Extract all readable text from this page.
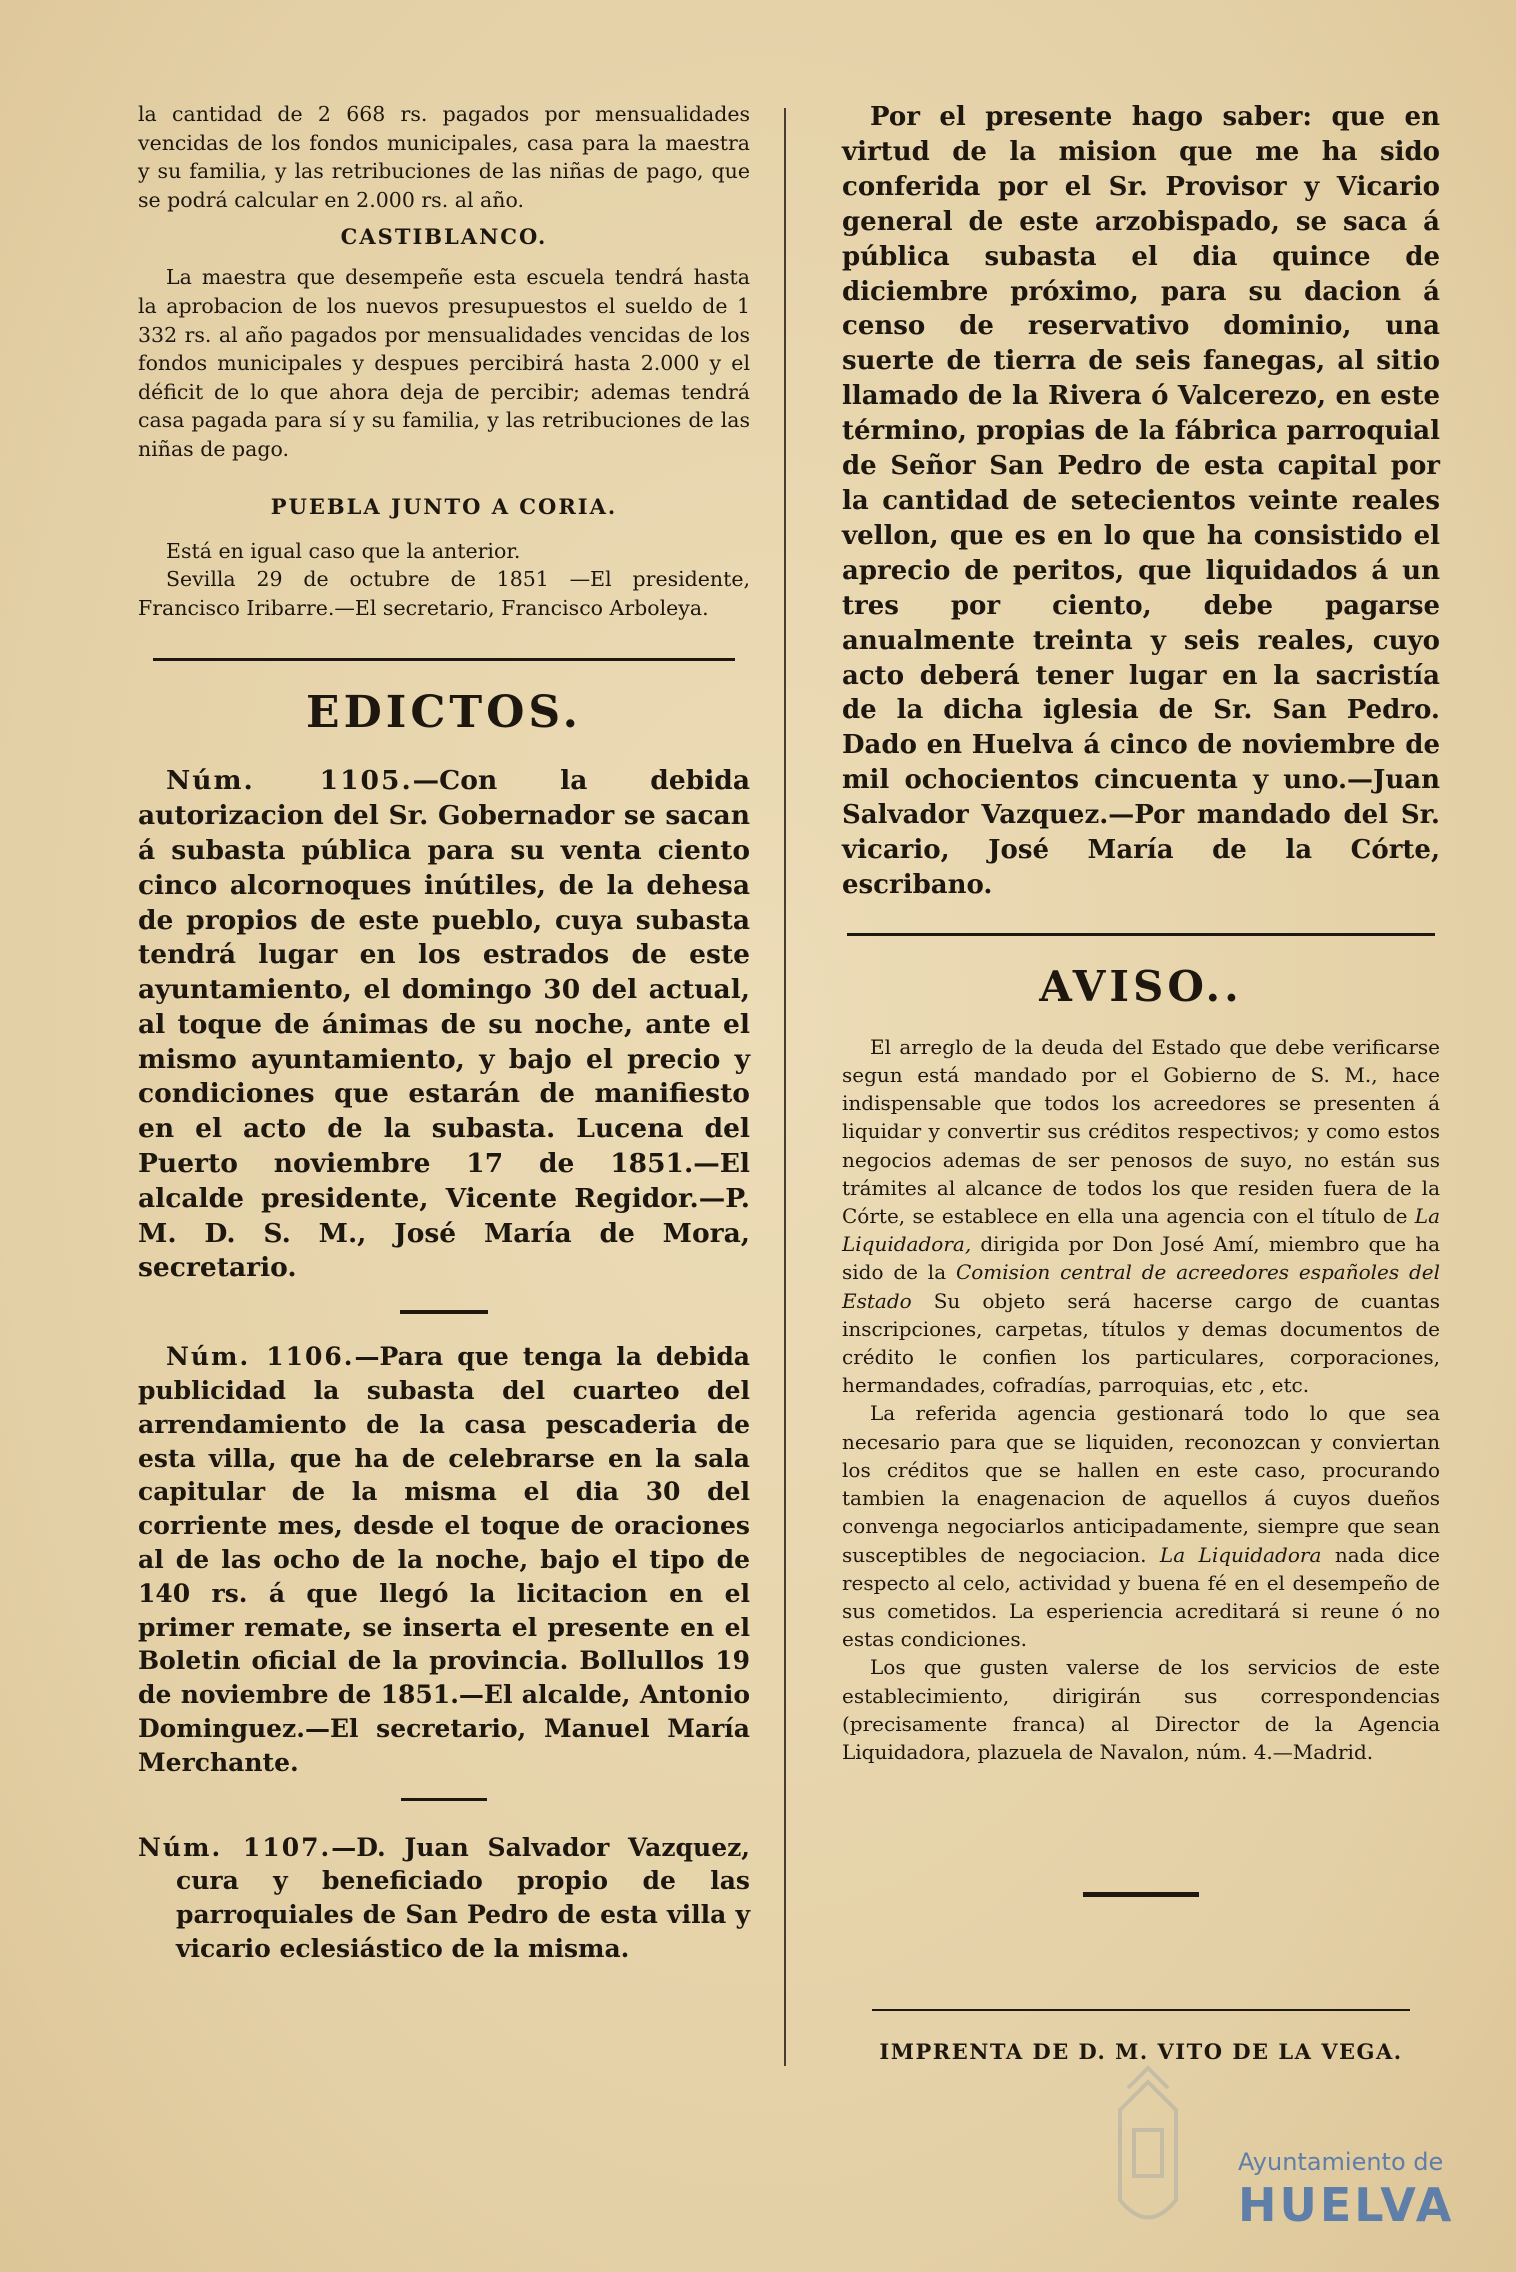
la cantidad de 2 668 rs. pagados por mensualidades vencidas de los fondos municipales, casa para la maestra y su familia, y las retribuciones de las niñas de pago, que se podrá calcular en 2.000 rs. al año.

CASTIBLANCO.

La maestra que desempeñe esta escuela tendrá hasta la aprobacion de los nuevos presupuestos el sueldo de 1 332 rs. al año pagados por mensualidades vencidas de los fondos municipales y despues percibirá hasta 2.000 y el déficit de lo que ahora deja de percibir; ademas tendrá casa pagada para sí y su familia, y las retribuciones de las niñas de pago.

PUEBLA JUNTO A CORIA.

Está en igual caso que la anterior.

Sevilla 29 de octubre de 1851 —El presidente, Francisco Iribarre.—El secretario, Francisco Arboleya.

EDICTOS.

Núm. 1105.—Con la debida autorizacion del Sr. Gobernador se sacan á subasta pública para su venta ciento cinco alcornoques inútiles, de la dehesa de propios de este pueblo, cuya subasta tendrá lugar en los estrados de este ayuntamiento, el domingo 30 del actual, al toque de ánimas de su noche, ante el mismo ayuntamiento, y bajo el precio y condiciones que estarán de manifiesto en el acto de la subasta. Lucena del Puerto noviembre 17 de 1851.—El alcalde presidente, Vicente Regidor.—P. M. D. S. M., José María de Mora, secretario.

Núm. 1106.—Para que tenga la debida publicidad la subasta del cuarteo del arrendamiento de la casa pescaderia de esta villa, que ha de celebrarse en la sala capitular de la misma el dia 30 del corriente mes, desde el toque de oraciones al de las ocho de la noche, bajo el tipo de 140 rs. á que llegó la licitacion en el primer remate, se inserta el presente en el Boletin oficial de la provincia. Bollullos 19 de noviembre de 1851.—El alcalde, Antonio Dominguez.—El secretario, Manuel María Merchante.

Núm. 1107.—D. Juan Salvador Vazquez, cura y beneficiado propio de las parroquiales de San Pedro de esta villa y vicario eclesiástico de la misma.

Por el presente hago saber: que en virtud de la mision que me ha sido conferida por el Sr. Provisor y Vicario general de este arzobispado, se saca á pública subasta el dia quince de diciembre próximo, para su dacion á censo de reservativo dominio, una suerte de tierra de seis fanegas, al sitio llamado de la Rivera ó Valcerezo, en este término, propias de la fábrica parroquial de Señor San Pedro de esta capital por la cantidad de setecientos veinte reales vellon, que es en lo que ha consistido el aprecio de peritos, que liquidados á un tres por ciento, debe pagarse anualmente treinta y seis reales, cuyo acto deberá tener lugar en la sacristía de la dicha iglesia de Sr. San Pedro. Dado en Huelva á cinco de noviembre de mil ochocientos cincuenta y uno.—Juan Salvador Vazquez.—Por mandado del Sr. vicario, José María de la Córte, escribano.

AVISO..

El arreglo de la deuda del Estado que debe verificarse segun está mandado por el Gobierno de S. M., hace indispensable que todos los acreedores se presenten á liquidar y convertir sus créditos respectivos; y como estos negocios ademas de ser penosos de suyo, no están sus trámites al alcance de todos los que residen fuera de la Córte, se establece en ella una agencia con el título de La Liquidadora, dirigida por Don José Amí, miembro que ha sido de la Comision central de acreedores españoles del Estado Su objeto será hacerse cargo de cuantas inscripciones, carpetas, títulos y demas documentos de crédito le confien los particulares, corporaciones, hermandades, cofradías, parroquias, etc , etc.

La referida agencia gestionará todo lo que sea necesario para que se liquiden, reconozcan y conviertan los créditos que se hallen en este caso, procurando tambien la enagenacion de aquellos á cuyos dueños convenga negociarlos anticipadamente, siempre que sean susceptibles de negociacion. La Liquidadora nada dice respecto al celo, actividad y buena fé en el desempeño de sus cometidos. La esperiencia acreditará si reune ó no estas condiciones.

Los que gusten valerse de los servicios de este establecimiento, dirigirán sus correspondencias (precisamente franca) al Director de la Agencia Liquidadora, plazuela de Navalon, núm. 4.—Madrid.

IMPRENTA DE D. M. VITO DE LA VEGA.
Ayuntamiento de
HUELVA
